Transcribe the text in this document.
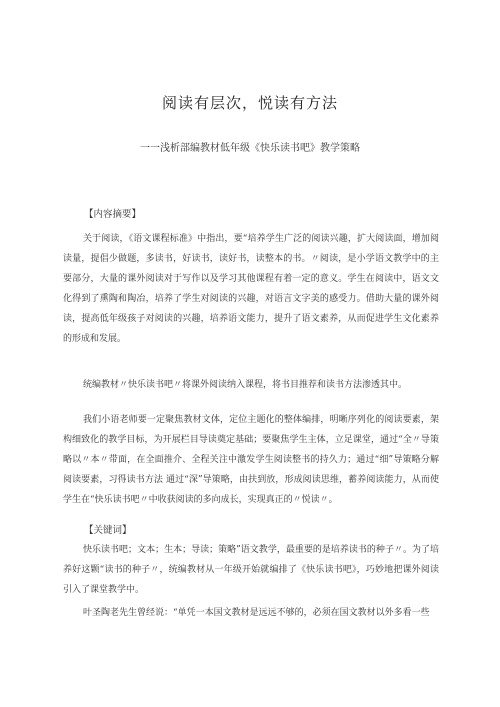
阅读有层次，悦读有方法
一一浅析部编教材低年级《快乐读书吧》教学策略
【内容摘要】

关于阅读，《语文课程标准》中指出，要“培养学生广泛的阅读兴趣，扩大阅读面，增加阅读量，提倡少做题，多读书，好读书，读好书，读整本的书。〃阅读，是小学语文教学中的主要部分，大量的课外阅读对于写作以及学习其他课程有着一定的意义。学生在阅读中，语文文化得到了熏陶和陶冶，培养了学生对阅读的兴趣，对语言文字美的感受力。借助大量的课外阅读，提高低年级孩子对阅读的兴趣，培养语文能力，提升了语文素养，从而促进学生文化素养的形成和发展。

统编教材〃快乐读书吧〃将课外阅读纳入课程，将书目推荐和读书方法渗透其中。

我们小语老师要一定聚焦教材文体，定位主题化的整体编排，明晰序列化的阅读要素，架构细致化的教学目标，为开展栏目导读奠定基础；要聚焦学生主体，立足课堂，通过“全〃导策略以〃本〃带面，在全面推介、全程关注中激发学生阅读整书的持久力；通过“细”导策略分解阅读要素，习得读书方法 通过“深”导策略，由扶到放，形成阅读思维，蓄养阅读能力，从而使学生在“快乐读书吧〃中收获阅读的多向成长，实现真正的〃悦读〃。

【关键词】

快乐读书吧；文本；生本；导读；策略”语文教学，最重要的是培养读书的种子〃。为了培养好这颗“读书的种子〃，统编教材从一年级开始就编排了《快乐读书吧》，巧妙地把课外阅读引入了课堂教学中。

叶圣陶老先生曾经说：“单凭一本国文教材是远远不够的，必须在国文教材以外多看一些
